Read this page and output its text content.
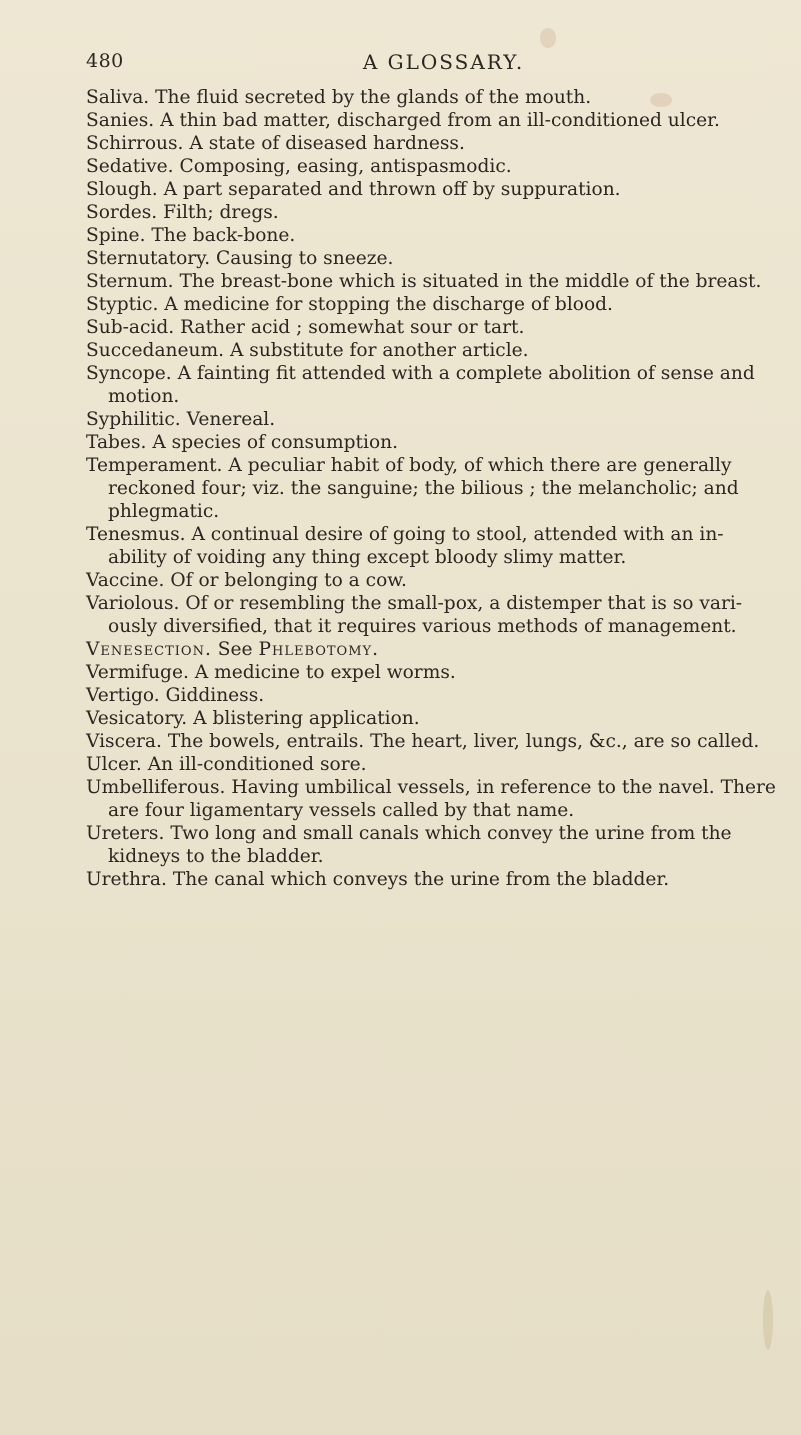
480	A GLOSSARY.

Saliva. The fluid secreted by the glands of the mouth.

Sanies. A thin bad matter, discharged from an ill-conditioned ulcer.

Schirrous. A state of diseased hardness.

Sedative. Composing, easing, antispasmodic.

Slough. A part separated and thrown off by suppuration.

Sordes. Filth; dregs.

Spine. The back-bone.

Sternutatory. Causing to sneeze.

Sternum. The breast-bone which is situated in the middle of the breast.

Styptic. A medicine for stopping the discharge of blood.

Sub-acid. Rather acid ; somewhat sour or tart.

Succedaneum. A substitute for another article.

Syncope. A fainting fit attended with a complete abolition of sense and motion.

Syphilitic. Venereal.

Tabes. A species of consumption.

Temperament. A peculiar habit of body, of which there are generally reckoned four; viz. the sanguine; the bilious ; the melancholic; and phlegmatic.

Tenesmus. A continual desire of going to stool, attended with an in-ability of voiding any thing except bloody slimy matter.

Vaccine. Of or belonging to a cow.

Variolous. Of or resembling the small-pox, a distemper that is so vari-ously diversified, that it requires various methods of management.

Venesection. See Phlebotomy.

Vermifuge. A medicine to expel worms.

Vertigo. Giddiness.

Vesicatory. A blistering application.

Viscera. The bowels, entrails. The heart, liver, lungs, &c., are so called.

Ulcer. An ill-conditioned sore.

Umbelliferous. Having umbilical vessels, in reference to the navel. There are four ligamentary vessels called by that name.

Ureters. Two long and small canals which convey the urine from the kidneys to the bladder.

Urethra. The canal which conveys the urine from the bladder.
